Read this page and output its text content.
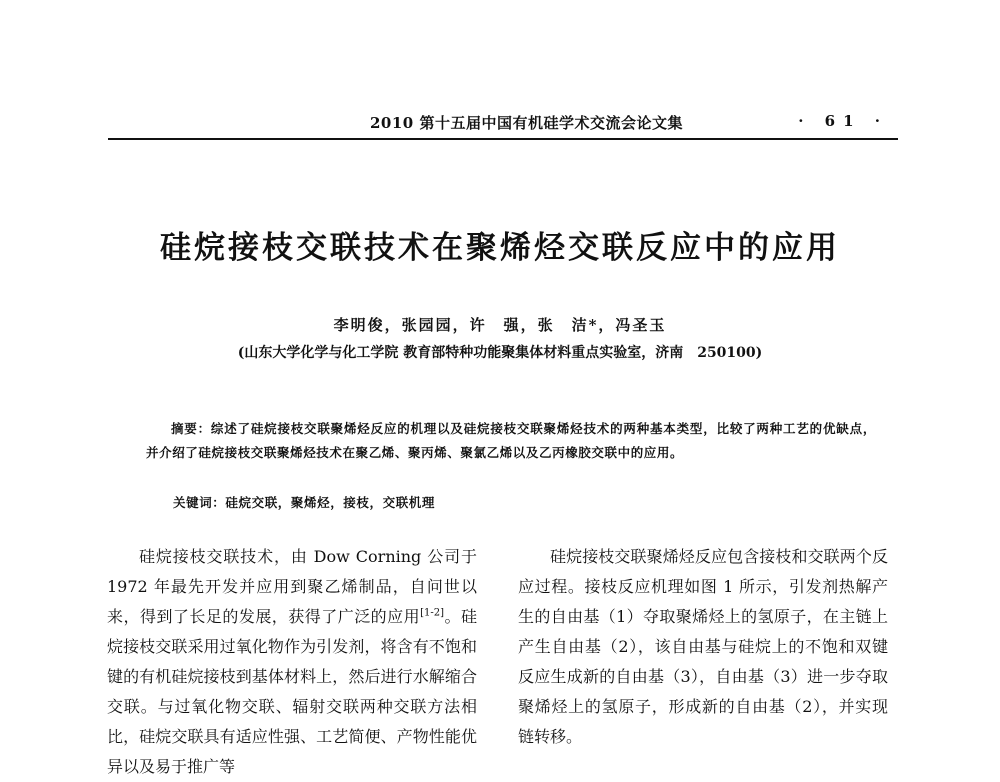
2010 第十五届中国有机硅学术交流会论文集	· 61 ·
硅烷接枝交联技术在聚烯烃交联反应中的应用
李明俊，张园园，许　强，张　洁*，冯圣玉
(山东大学化学与化工学院 教育部特种功能聚集体材料重点实验室，济南　250100)
摘要：综述了硅烷接枝交联聚烯烃反应的机理以及硅烷接枝交联聚烯烃技术的两种基本类型，比较了两种工艺的优缺点，并介绍了硅烷接枝交联聚烯烃技术在聚乙烯、聚丙烯、聚氯乙烯以及乙丙橡胶交联中的应用。
关键词：硅烷交联，聚烯烃，接枝，交联机理

硅烷接枝交联技术，由 Dow Corning 公司于 1972 年最先开发并应用到聚乙烯制品，自问世以来，得到了长足的发展，获得了广泛的应用[1-2]。硅烷接枝交联采用过氧化物作为引发剂，将含有不饱和键的有机硅烷接枝到基体材料上，然后进行水解缩合交联。与过氧化物交联、辐射交联两种交联方法相比，硅烷交联具有适应性强、工艺简便、产物性能优异以及易于推广等

硅烷接枝交联聚烯烃反应包含接枝和交联两个反应过程。接枝反应机理如图 1 所示，引发剂热解产生的自由基（1）夺取聚烯烃上的氢原子，在主链上产生自由基（2），该自由基与硅烷上的不饱和双键反应生成新的自由基（3），自由基（3）进一步夺取聚烯烃上的氢原子，形成新的自由基（2），并实现链转移。
